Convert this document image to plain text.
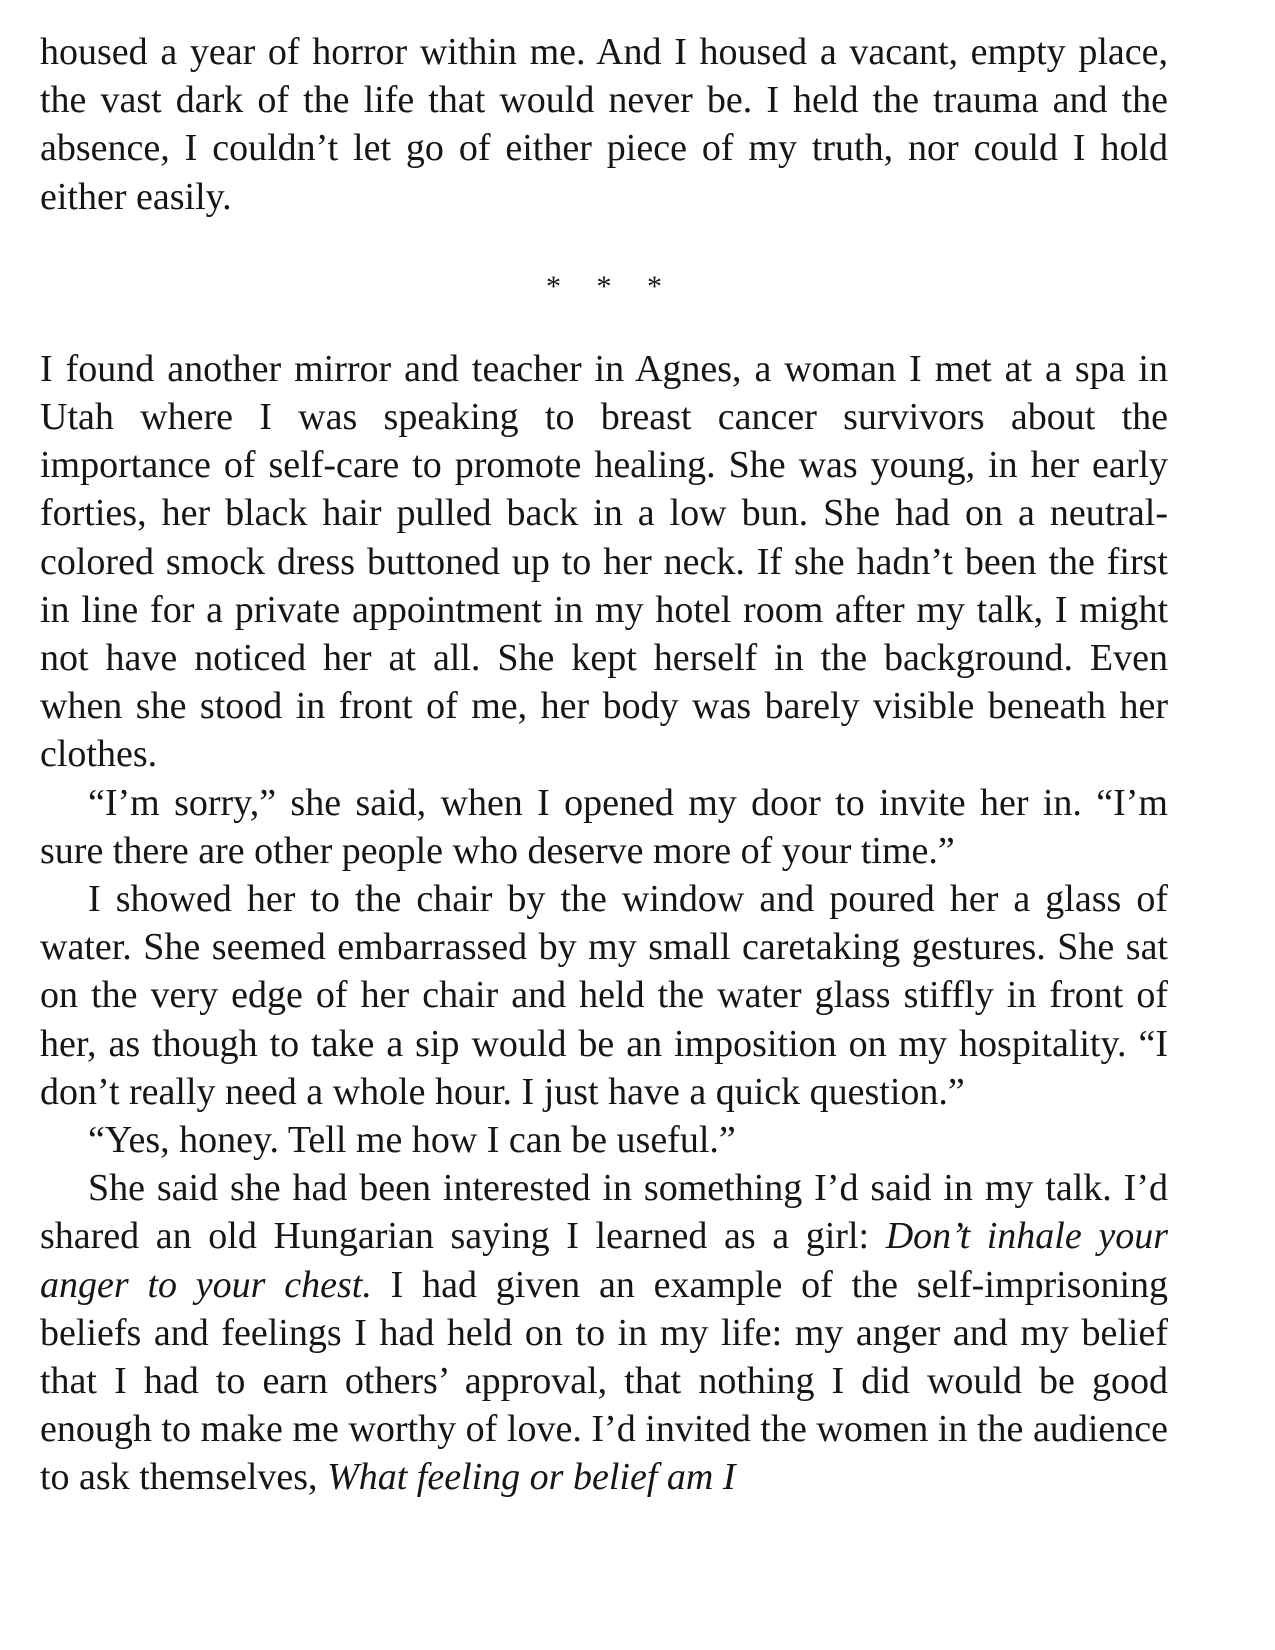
housed a year of horror within me. And I housed a vacant, empty place, the vast dark of the life that would never be. I held the trauma and the absence, I couldn’t let go of either piece of my truth, nor could I hold either easily.

* * *

I found another mirror and teacher in Agnes, a woman I met at a spa in Utah where I was speaking to breast cancer survivors about the importance of self-care to promote healing. She was young, in her early forties, her black hair pulled back in a low bun. She had on a neutral-colored smock dress buttoned up to her neck. If she hadn’t been the first in line for a private appointment in my hotel room after my talk, I might not have noticed her at all. She kept herself in the background. Even when she stood in front of me, her body was barely visible beneath her clothes.

“I’m sorry,” she said, when I opened my door to invite her in. “I’m sure there are other people who deserve more of your time.”

I showed her to the chair by the window and poured her a glass of water. She seemed embarrassed by my small caretaking gestures. She sat on the very edge of her chair and held the water glass stiffly in front of her, as though to take a sip would be an imposition on my hospitality. “I don’t really need a whole hour. I just have a quick question.”

“Yes, honey. Tell me how I can be useful.”

She said she had been interested in something I’d said in my talk. I’d shared an old Hungarian saying I learned as a girl: Don’t inhale your anger to your chest. I had given an example of the self-imprisoning beliefs and feelings I had held on to in my life: my anger and my belief that I had to earn others’ approval, that nothing I did would be good enough to make me worthy of love. I’d invited the women in the audience to ask themselves, What feeling or belief am I
